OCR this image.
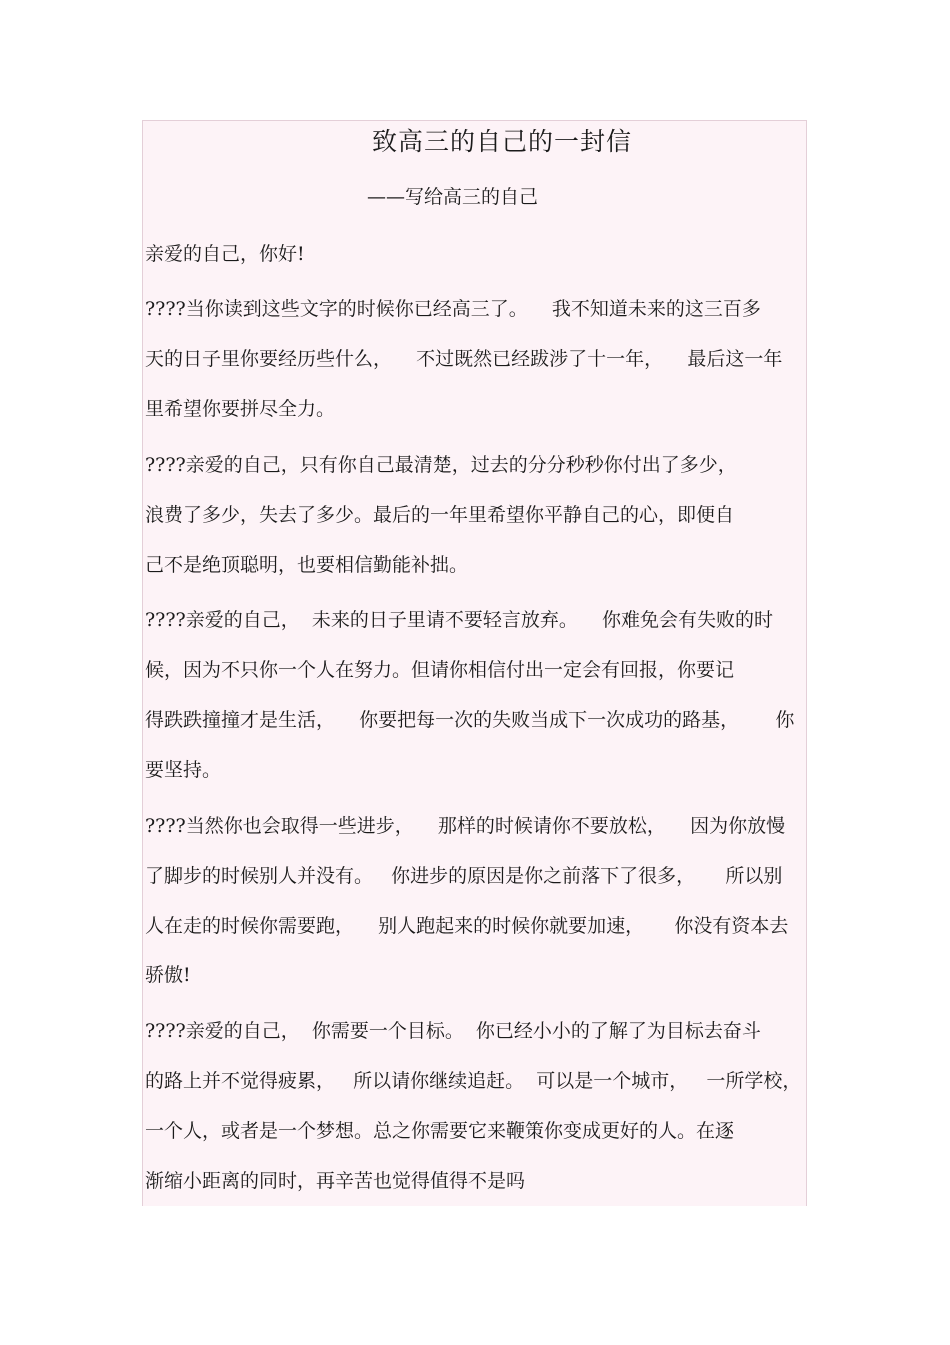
致高三的自己的一封信
——写给高三的自己
亲爱的自己，你好!
????当你读到这些文字的时候你已经高三了。    我不知道未来的这三百多
天的日子里你要经历些什么，    不过既然已经跋涉了十一年，    最后这一年
里希望你要拼尽全力。
????亲爱的自己，只有你自己最清楚，过去的分分秒秒你付出了多少，
浪费了多少，失去了多少。最后的一年里希望你平静自己的心，即便自
己不是绝顶聪明，也要相信勤能补拙。
????亲爱的自己，  未来的日子里请不要轻言放弃。    你难免会有失败的时
候，因为不只你一个人在努力。但请你相信付出一定会有回报，你要记
得跌跌撞撞才是生活，    你要把每一次的失败当成下一次成功的路基，      你
要坚持。
????当然你也会取得一些进步，    那样的时候请你不要放松，    因为你放慢
了脚步的时候别人并没有。   你进步的原因是你之前落下了很多，     所以别
人在走的时候你需要跑，    别人跑起来的时候你就要加速，     你没有资本去
骄傲!
????亲爱的自己，  你需要一个目标。  你已经小小的了解了为目标去奋斗
的路上并不觉得疲累，   所以请你继续追赶。  可以是一个城市，   一所学校，
一个人，或者是一个梦想。总之你需要它来鞭策你变成更好的人。在逐
渐缩小距离的同时，再辛苦也觉得值得不是吗
